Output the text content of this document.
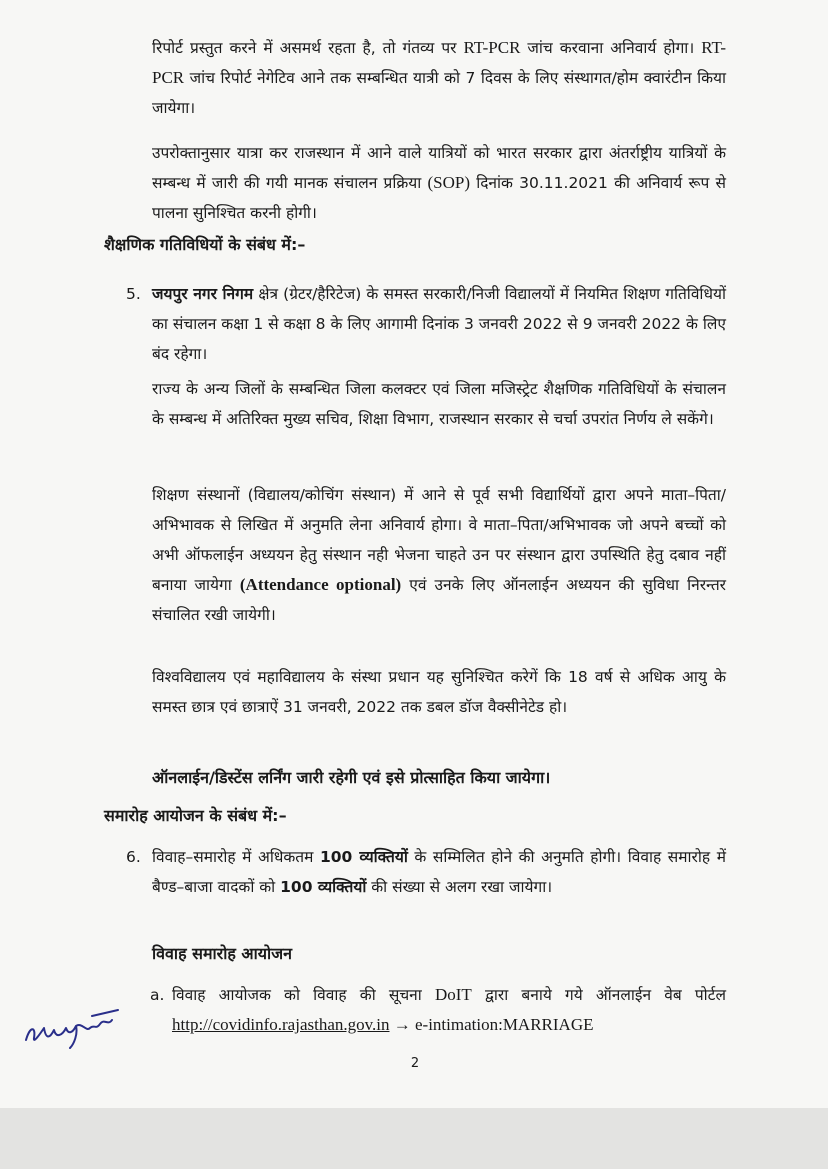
रिपोर्ट प्रस्तुत करने में असमर्थ रहता है, तो गंतव्य पर RT-PCR जांच करवाना अनिवार्य होगा। RT-PCR जांच रिपोर्ट नेगेटिव आने तक सम्बन्धित यात्री को 7 दिवस के लिए संस्थागत/होम क्वारंटीन किया जायेगा।

उपरोक्तानुसार यात्रा कर राजस्थान में आने वाले यात्रियों को भारत सरकार द्वारा अंतर्राष्ट्रीय यात्रियों के सम्बन्ध में जारी की गयी मानक संचालन प्रक्रिया (SOP) दिनांक 30.11.2021 की अनिवार्य रूप से पालना सुनिश्चित करनी होगी।

शैक्षणिक गतिविधियों के संबंध में:–

5. जयपुर नगर निगम क्षेत्र (ग्रेटर/हैरिटेज) के समस्त सरकारी/निजी विद्यालयों में नियमित शिक्षण गतिविधियों का संचालन कक्षा 1 से कक्षा 8 के लिए आगामी दिनांक 3 जनवरी 2022 से 9 जनवरी 2022 के लिए बंद रहेगा।

राज्य के अन्य जिलों के सम्बन्धित जिला कलक्टर एवं जिला मजिस्ट्रेट शैक्षणिक गतिविधियों के संचालन के सम्बन्ध में अतिरिक्त मुख्य सचिव, शिक्षा विभाग, राजस्थान सरकार से चर्चा उपरांत निर्णय ले सकेंगे।

शिक्षण संस्थानों (विद्यालय/कोचिंग संस्थान) में आने से पूर्व सभी विद्यार्थियों द्वारा अपने माता–पिता/अभिभावक से लिखित में अनुमति लेना अनिवार्य होगा। वे माता–पिता/अभिभावक जो अपने बच्चों को अभी ऑफलाईन अध्ययन हेतु संस्थान नही भेजना चाहते उन पर संस्थान द्वारा उपस्थिति हेतु दबाव नहीं बनाया जायेगा (Attendance optional) एवं उनके लिए ऑनलाईन अध्ययन की सुविधा निरन्तर संचालित रखी जायेगी।

विश्वविद्यालय एवं महाविद्यालय के संस्था प्रधान यह सुनिश्चित करेगें कि 18 वर्ष से अधिक आयु के समस्त छात्र एवं छात्राऐं 31 जनवरी, 2022 तक डबल डॉज वैक्सीनेटेड हो।

ऑनलाईन/डिस्टेंस लर्निंग जारी रहेगी एवं इसे प्रोत्साहित किया जायेगा।

समारोह आयोजन के संबंध में:–

6. विवाह–समारोह में अधिकतम 100 व्यक्तियों के सम्मिलित होने की अनुमति होगी। विवाह समारोह में बैण्ड–बाजा वादकों को 100 व्यक्तियों की संख्या से अलग रखा जायेगा।

विवाह समारोह आयोजन

a. विवाह आयोजक को विवाह की सूचना DoIT द्वारा बनाये गये ऑनलाईन वेब पोर्टल http://covidinfo.rajasthan.gov.in → e-intimation:MARRIAGE

2
